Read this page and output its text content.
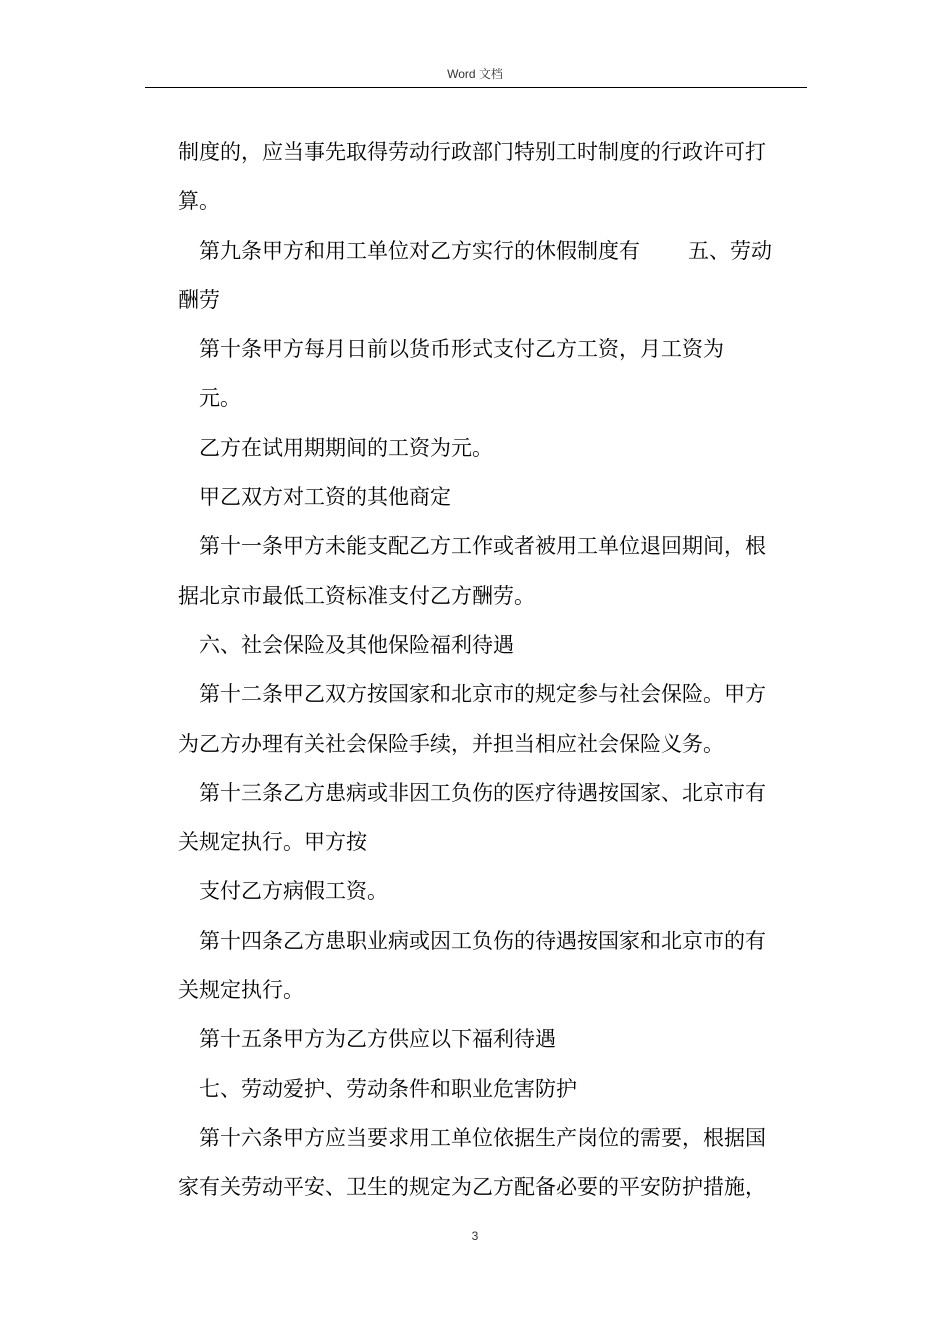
Word 文档
制度的，应当事先取得劳动行政部门特别工时制度的行政许可打
算。
第九条甲方和用工单位对乙方实行的休假制度有 五、劳动
酬劳
第十条甲方每月日前以货币形式支付乙方工资，月工资为
元。
乙方在试用期期间的工资为元。
甲乙双方对工资的其他商定
第十一条甲方未能支配乙方工作或者被用工单位退回期间，根
据北京市最低工资标准支付乙方酬劳。
六、社会保险及其他保险福利待遇
第十二条甲乙双方按国家和北京市的规定参与社会保险。甲方
为乙方办理有关社会保险手续，并担当相应社会保险义务。
第十三条乙方患病或非因工负伤的医疗待遇按国家、北京市有
关规定执行。甲方按
支付乙方病假工资。
第十四条乙方患职业病或因工负伤的待遇按国家和北京市的有
关规定执行。
第十五条甲方为乙方供应以下福利待遇
七、劳动爱护、劳动条件和职业危害防护
第十六条甲方应当要求用工单位依据生产岗位的需要，根据国
家有关劳动平安、卫生的规定为乙方配备必要的平安防护措施，
3
